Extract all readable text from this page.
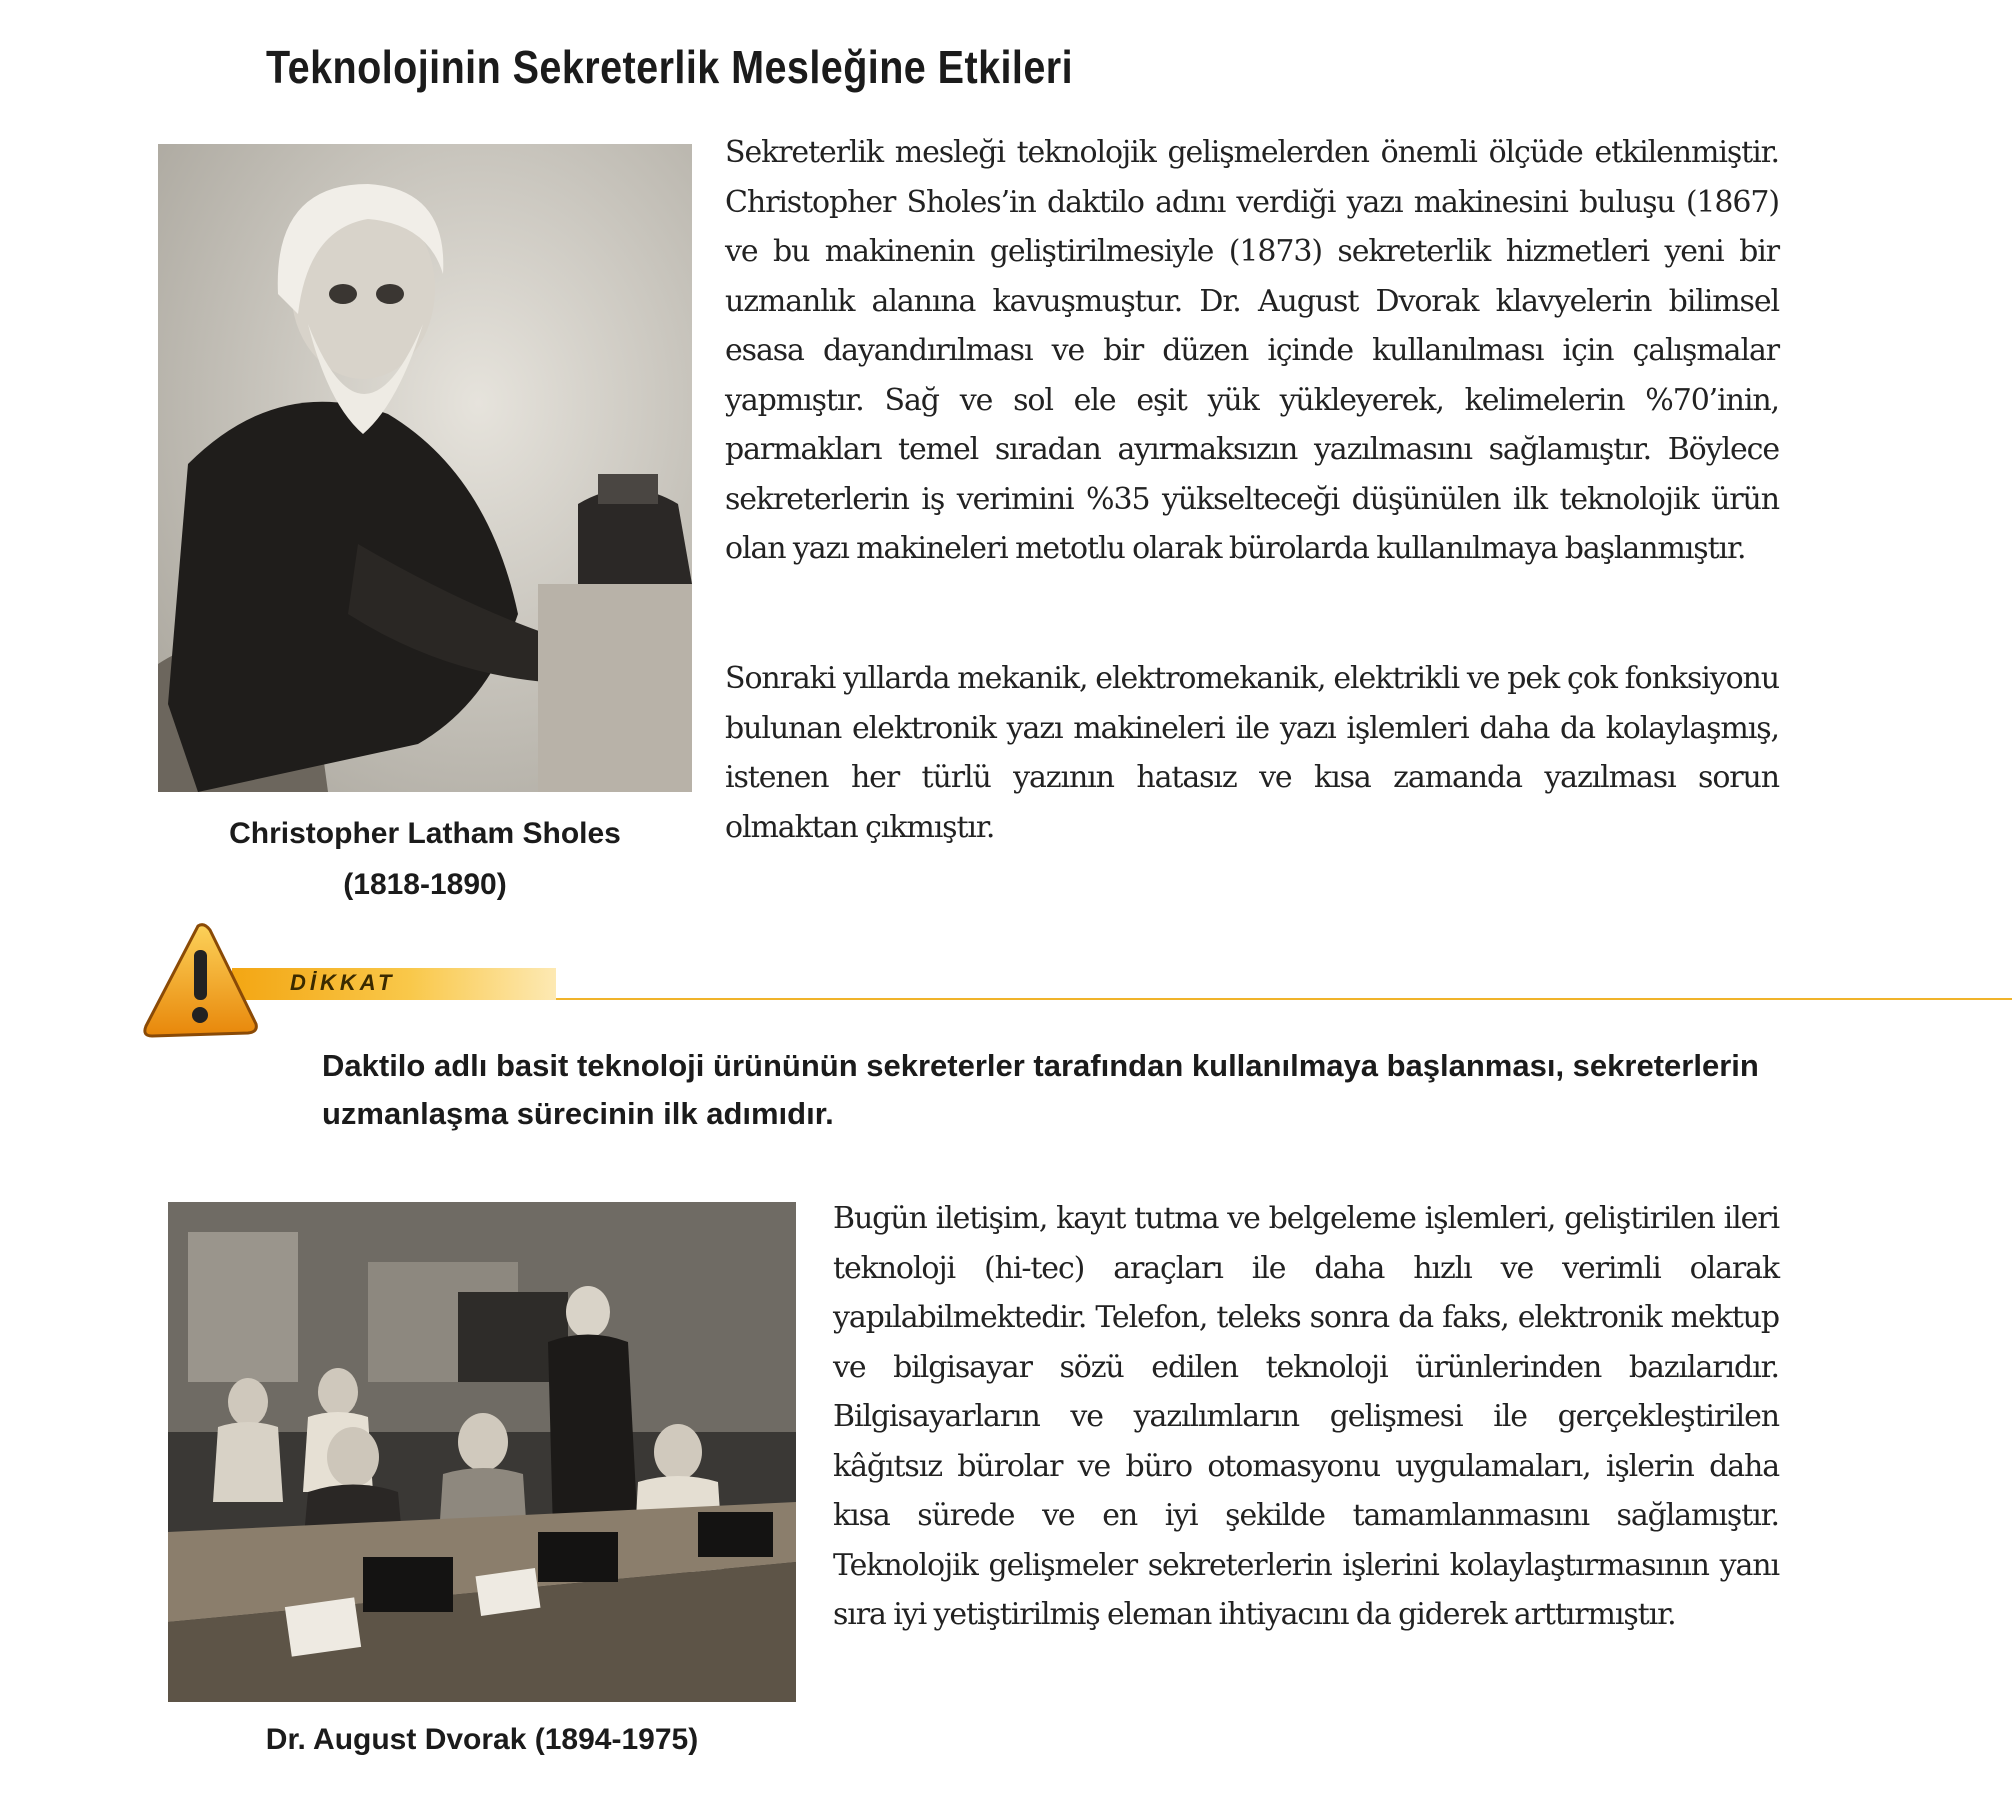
Teknolojinin Sekreterlik Mesleğine Etkileri

Christopher Latham Sholes
(1818-1890)

Sekreterlik mesleği teknolojik gelişmelerden önemli ölçüde etkilenmiştir. Christopher Sholes’in daktilo adını verdiği yazı makinesini buluşu (1867) ve bu makinenin geliştirilmesiyle (1873) sekreterlik hizmetleri yeni bir uzmanlık alanına kavuşmuştur. Dr. August Dvorak klavyelerin bilimsel esasa dayandırılması ve bir düzen içinde kullanılması için çalışmalar yapmıştır. Sağ ve sol ele eşit yük yükleyerek, kelimelerin %70’inin, parmakları temel sıradan ayırmaksızın yazılmasını sağlamıştır. Böylece sekreterlerin iş verimini %35 yükselteceği düşünülen ilk teknolojik ürün olan yazı makineleri metotlu olarak bürolarda kullanılmaya başlanmıştır.

Sonraki yıllarda mekanik, elektromekanik, elektrikli ve pek çok fonksiyonu bulunan elektronik yazı makineleri ile yazı işlemleri daha da kolaylaşmış, istenen her türlü yazının hatasız ve kısa zamanda yazılması sorun olmaktan çıkmıştır.

DİKKAT

Daktilo adlı basit teknoloji ürününün sekreterler tarafından kullanılmaya başlanması, sekreterlerin uzmanlaşma sürecinin ilk adımıdır.

Dr. August Dvorak (1894-1975)

Bugün iletişim, kayıt tutma ve belgeleme işlemleri, geliştirilen ileri teknoloji (hi-tec) araçları ile daha hızlı ve verimli olarak yapılabilmektedir. Telefon, teleks sonra da faks, elektronik mektup ve bilgisayar sözü edilen teknoloji ürünlerinden bazılarıdır. Bilgisayarların ve yazılımların gelişmesi ile gerçekleştirilen kâğıtsız bürolar ve büro otomasyonu uygulamaları, işlerin daha kısa sürede ve en iyi şekilde tamamlanmasını sağlamıştır. Teknolojik gelişmeler sekreterlerin işlerini kolaylaştırmasının yanı sıra iyi yetiştirilmiş eleman ihtiyacını da giderek arttırmıştır.
